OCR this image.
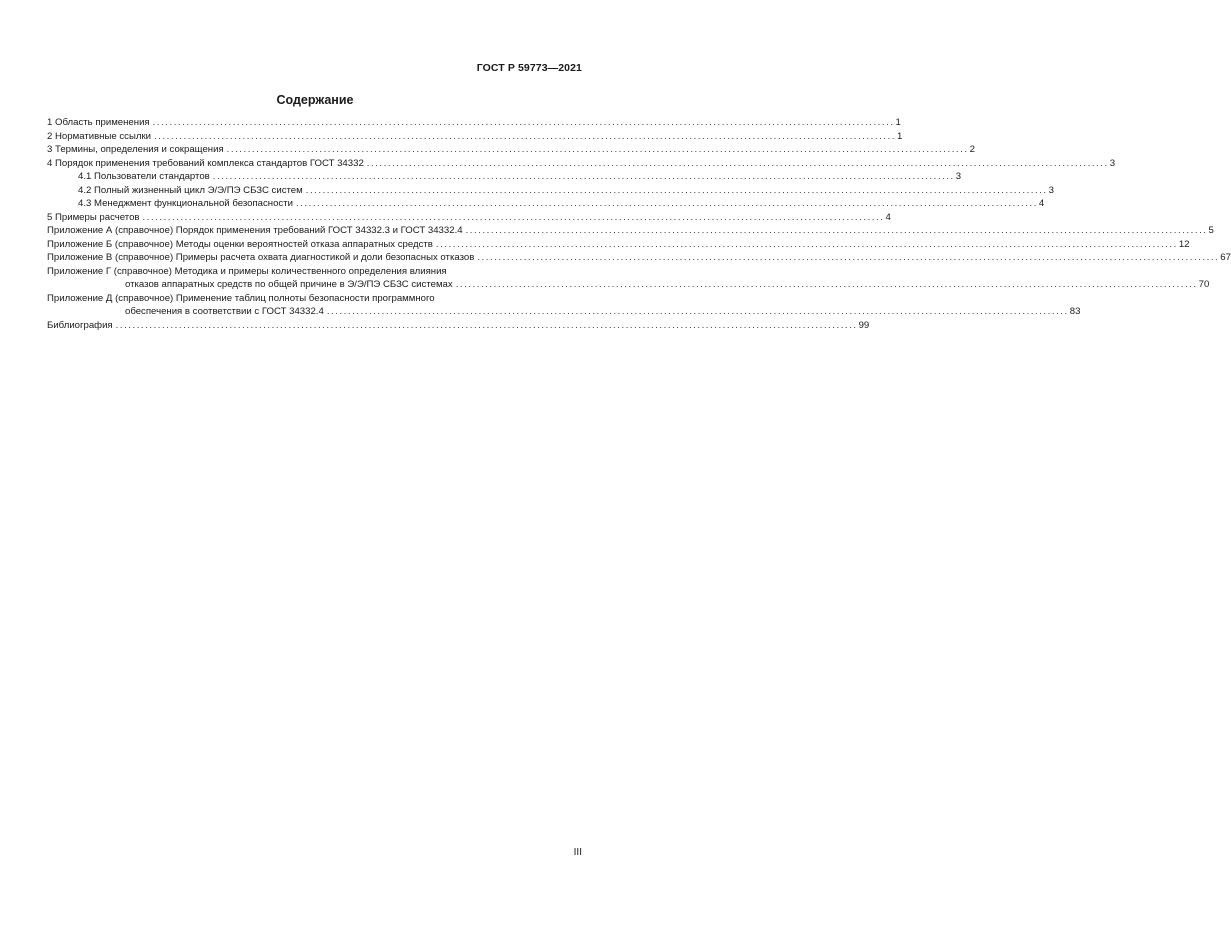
ГОСТ Р 59773—2021
Содержание
1 Область применения ................................................................................................................................................................................ 1
2 Нормативные ссылки ................................................................................................................................................................................ 1
3 Термины, определения и сокращения ................................................................................................................................................................................ 2
4 Порядок применения требований комплекса стандартов ГОСТ 34332 ................................................................................................................................................................................ 3
4.1 Пользователи стандартов ................................................................................................................................................................................ 3
4.2 Полный жизненный цикл Э/Э/ПЭ СБЗС систем ................................................................................................................................................................................ 3
4.3 Менеджмент функциональной безопасности ................................................................................................................................................................................ 4
5 Примеры расчетов ................................................................................................................................................................................ 4
Приложение А (справочное) Порядок применения требований ГОСТ 34332.3 и ГОСТ 34332.4 ................................................................................................................................................................................ 5
Приложение Б (справочное) Методы оценки вероятностей отказа аппаратных средств ................................................................................................................................................................................ 12
Приложение В (справочное) Примеры расчета охвата диагностикой и доли безопасных отказов ................................................................................................................................................................................ 67
Приложение Г (справочное) Методика и примеры количественного определения влияния
отказов аппаратных средств по общей причине в Э/Э/ПЭ СБЗС системах ................................................................................................................................................................................ 70
Приложение Д (справочное) Применение таблиц полноты безопасности программного
обеспечения в соответствии с ГОСТ 34332.4 ................................................................................................................................................................................ 83
Библиография ................................................................................................................................................................................ 99
III
